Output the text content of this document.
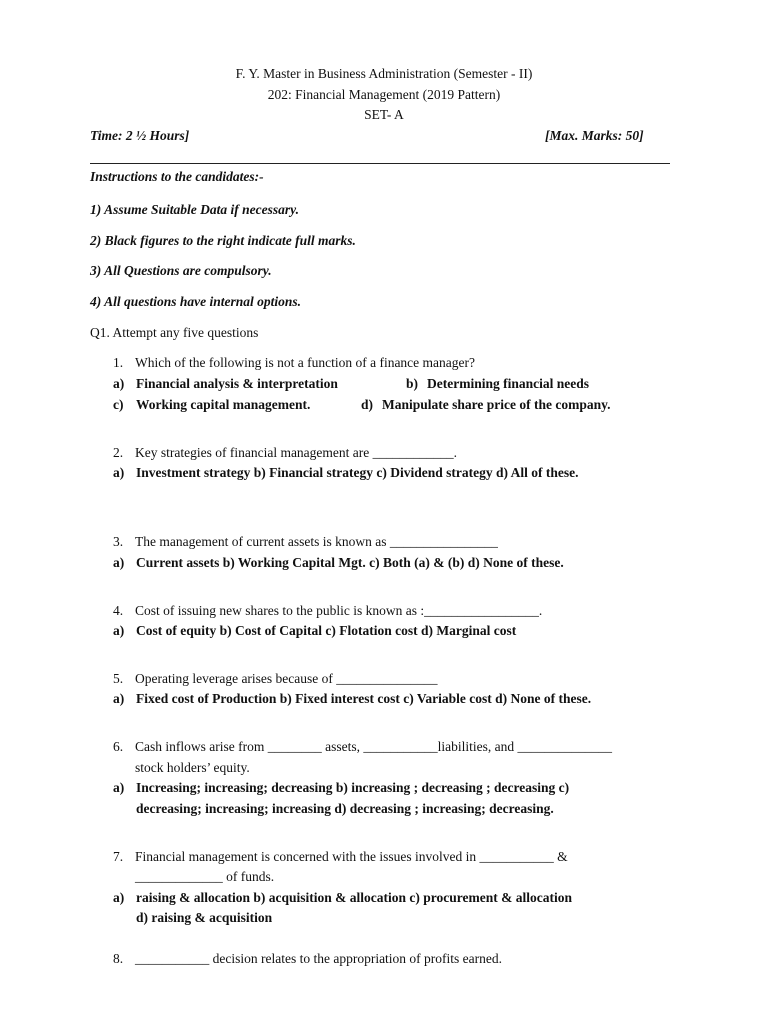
F. Y. Master in Business Administration (Semester - II)
202: Financial Management (2019 Pattern)
SET- A
Time: 2 ½ Hours]	[Max. Marks: 50]
Instructions to the candidates:-
1) Assume Suitable Data if necessary.
2) Black figures to the right indicate full marks.
3) All Questions are compulsory.
4) All questions have internal options.
Q1. Attempt any five questions
1. Which of the following is not a function of a finance manager?
a) Financial analysis & interpretation	b) Determining financial needs
c) Working capital management.	d) Manipulate share price of the company.
2. Key strategies of financial management are ____________.
a) Investment strategy b) Financial strategy c) Dividend strategy d) All of these.
3. The management of current assets is known as ________________
a) Current assets b) Working Capital Mgt. c) Both (a) & (b) d) None of these.
4. Cost of issuing new shares to the public is known as :_________________.
a) Cost of equity b) Cost of Capital c) Flotation cost d) Marginal cost
5. Operating leverage arises because of _______________
a) Fixed cost of Production b) Fixed interest cost c) Variable cost d) None of these.
6. Cash inflows arise from ________ assets, ___________liabilities, and ______________
stock holders’ equity.
a) Increasing; increasing; decreasing b) increasing ; decreasing ; decreasing c)
decreasing; increasing; increasing d) decreasing ; increasing; decreasing.
7. Financial management is concerned with the issues involved in ___________ &
_____________ of funds.
a) raising & allocation b) acquisition & allocation c) procurement & allocation
d) raising & acquisition
8. ___________ decision relates to the appropriation of profits earned.
